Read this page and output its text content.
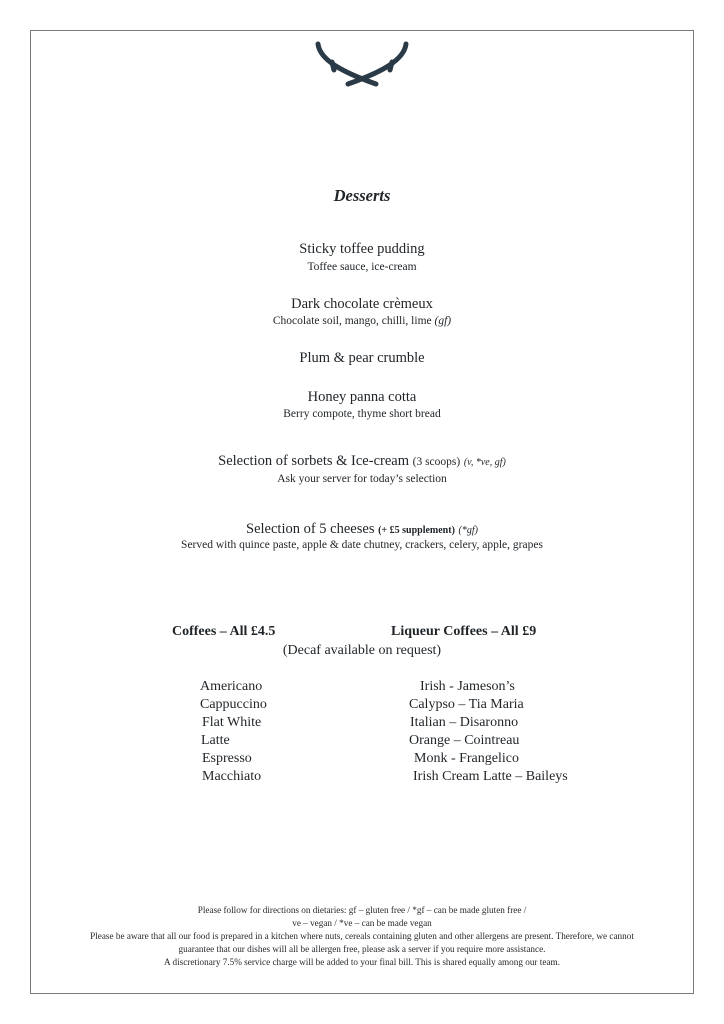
Desserts
Sticky toffee pudding
Toffee sauce, ice-cream
Dark chocolate crèmeux
Chocolate soil, mango, chilli, lime (gf)
Plum & pear crumble
Honey panna cotta
Berry compote, thyme short bread
Selection of sorbets & Ice-cream (3 scoops) (v, *ve, gf)
Ask your server for today’s selection
Selection of 5 cheeses (+ £5 supplement) (*gf)
Served with quince paste, apple & date chutney, crackers, celery, apple, grapes
Coffees – All £4.5	Liqueur Coffees – All £9
(Decaf available on request)
Americano
Cappuccino
Flat White
Latte
Espresso
Macchiato
Irish - Jameson’s
Calypso – Tia Maria
Italian – Disaronno
Orange – Cointreau
Monk - Frangelico
Irish Cream Latte – Baileys
Please follow for directions on dietaries: gf – gluten free / *gf – can be made gluten free /
ve – vegan / *ve – can be made vegan
Please be aware that all our food is prepared in a kitchen where nuts, cereals containing gluten and other allergens are present. Therefore, we cannot
guarantee that our dishes will all be allergen free, please ask a server if you require more assistance.
A discretionary 7.5% service charge will be added to your final bill. This is shared equally among our team.
